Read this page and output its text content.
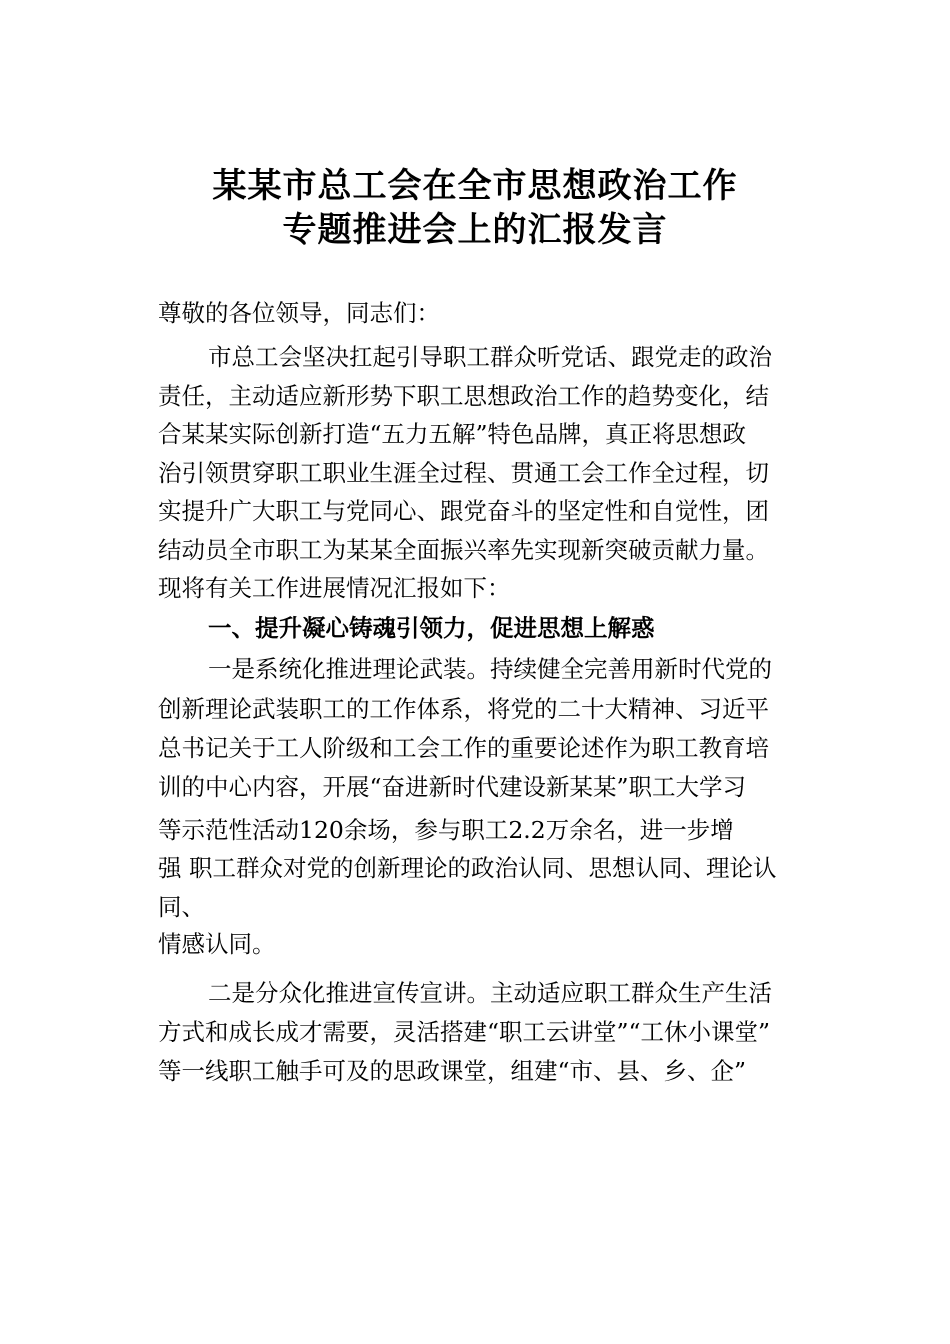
某某市总工会在全市思想政治工作
专题推进会上的汇报发言
尊敬的各位领导，同志们：
市总工会坚决扛起引导职工群众听党话、跟党走的政治
责任，主动适应新形势下职工思想政治工作的趋势变化，结
合某某实际创新打造“五力五解”特色品牌，真正将思想政
治引领贯穿职工职业生涯全过程、贯通工会工作全过程，切
实提升广大职工与党同心、跟党奋斗的坚定性和自觉性，团
结动员全市职工为某某全面振兴率先实现新突破贡献力量。
现将有关工作进展情况汇报如下：
一、提升凝心铸魂引领力，促进思想上解惑
一是系统化推进理论武装。持续健全完善用新时代党的
创新理论武装职工的工作体系，将党的二十大精神、习近平
总书记关于工人阶级和工会工作的重要论述作为职工教育培
训的中心内容，开展“奋进新时代建设新某某”职工大学习
等示范性活动120余场，参与职工2.2万余名，进一步增
强 职工群众对党的创新理论的政治认同、思想认同、理论认
同、
情感认同。
二是分众化推进宣传宣讲。主动适应职工群众生产生活
方式和成长成才需要，灵活搭建“职工云讲堂”“工休小课堂”
等一线职工触手可及的思政课堂，组建“市、县、乡、企”
